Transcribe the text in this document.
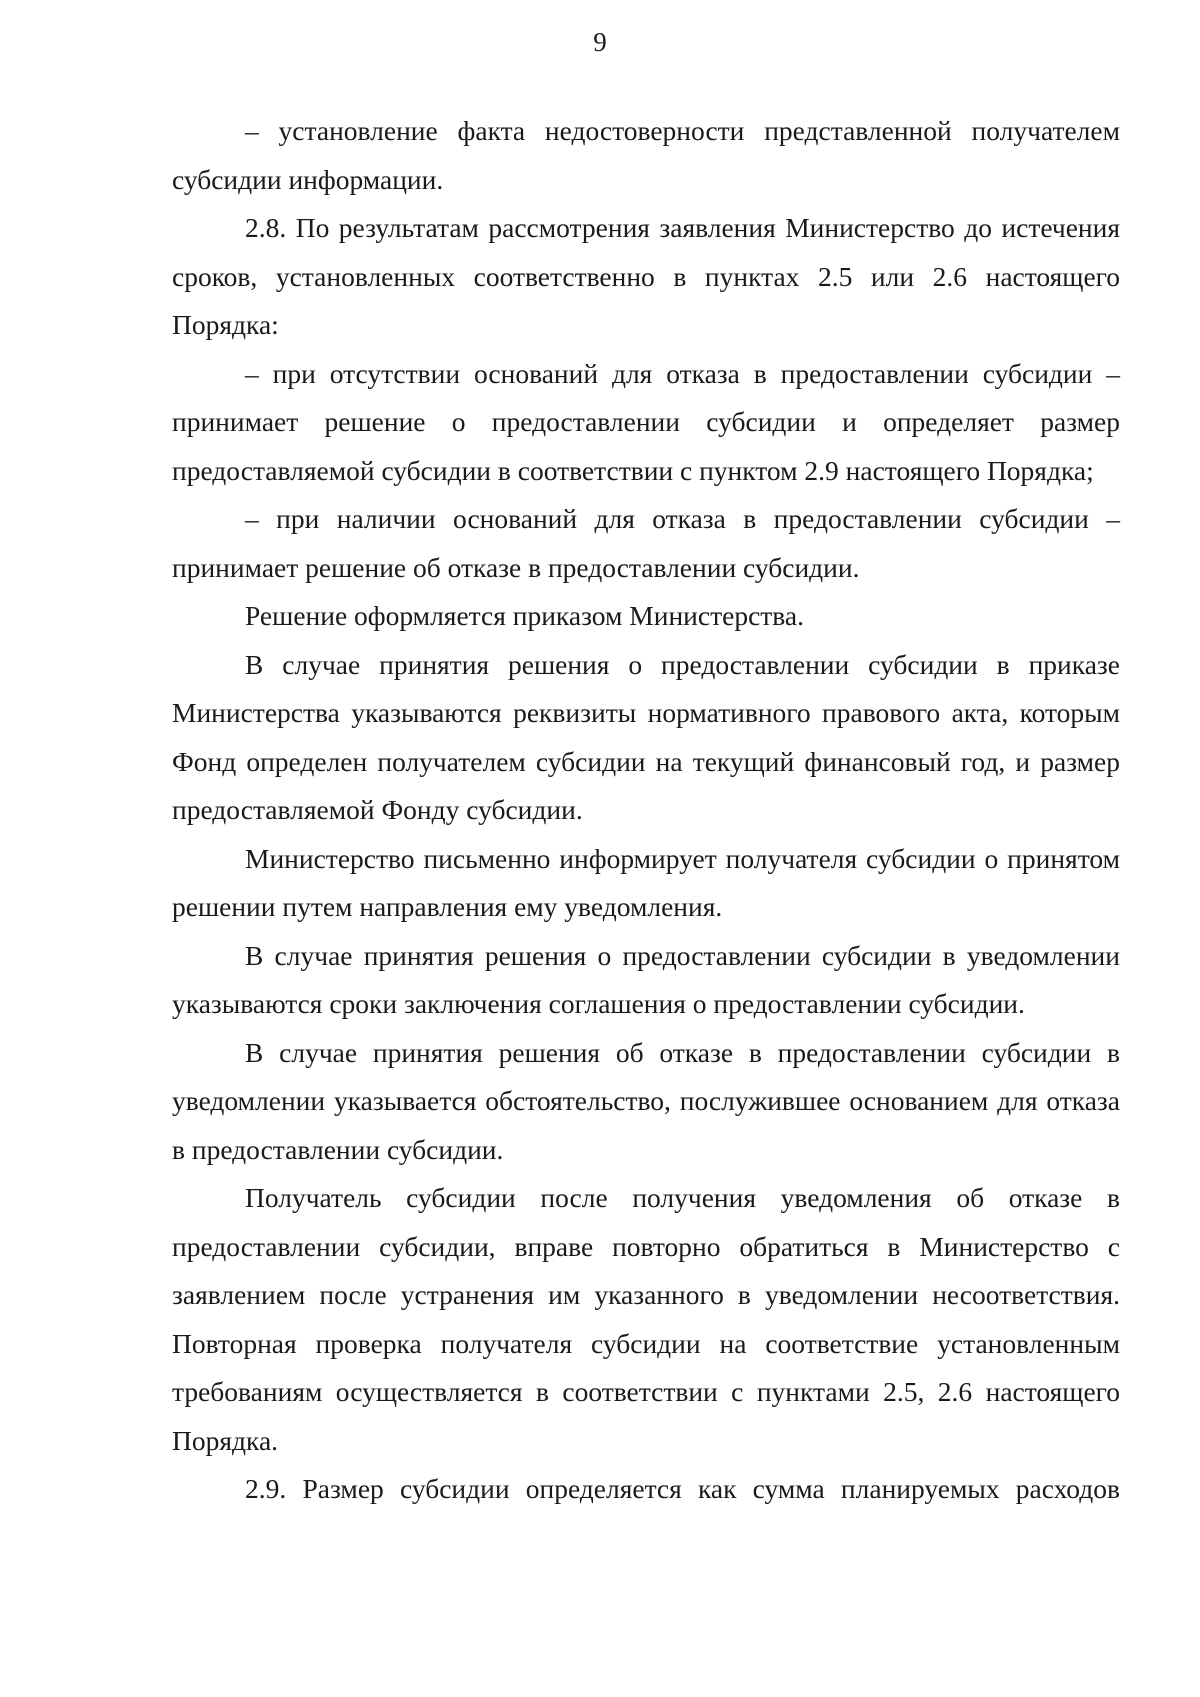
9

– установление факта недостоверности представленной получателем субсидии информации.

2.8. По результатам рассмотрения заявления Министерство до истечения сроков, установленных соответственно в пунктах 2.5 или 2.6 настоящего Порядка:

– при отсутствии оснований для отказа в предоставлении субсидии – принимает решение о предоставлении субсидии и определяет размер предоставляемой субсидии в соответствии с пунктом 2.9 настоящего Порядка;

– при наличии оснований для отказа в предоставлении субсидии – принимает решение об отказе в предоставлении субсидии.

Решение оформляется приказом Министерства.

В случае принятия решения о предоставлении субсидии в приказе Министерства указываются реквизиты нормативного правового акта, которым Фонд определен получателем субсидии на текущий финансовый год, и размер предоставляемой Фонду субсидии.

Министерство письменно информирует получателя субсидии о принятом решении путем направления ему уведомления.

В случае принятия решения о предоставлении субсидии в уведомлении указываются сроки заключения соглашения о предоставлении субсидии.

В случае принятия решения об отказе в предоставлении субсидии в уведомлении указывается обстоятельство, послужившее основанием для отказа в предоставлении субсидии.

Получатель субсидии после получения уведомления об отказе в предоставлении субсидии, вправе повторно обратиться в Министерство с заявлением после устранения им указанного в уведомлении несоответствия. Повторная проверка получателя субсидии на соответствие установленным требованиям осуществляется в соответствии с пунктами 2.5, 2.6 настоящего Порядка.

2.9. Размер субсидии определяется как сумма планируемых расходов
